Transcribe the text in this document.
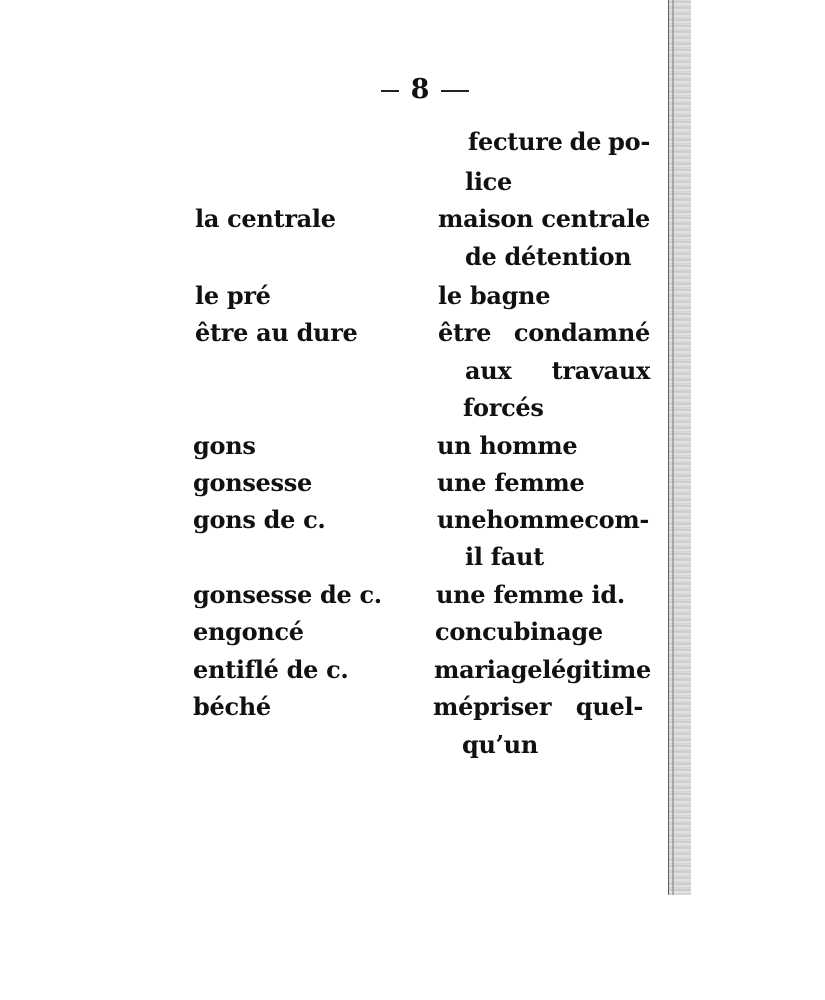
8
fecture de po-
lice
la centrale	maison centrale
de détention
le pré	le bagne
être au dure	être condamné
aux travaux
forcés
gons	un homme
gonsesse	une femme
gons de c.	une homme com-
il faut
gonsesse de c. une femme id.
engoncé	concubinage
entiflé de c.	mariage légitime
béché	mépriser quel-
qu’un
